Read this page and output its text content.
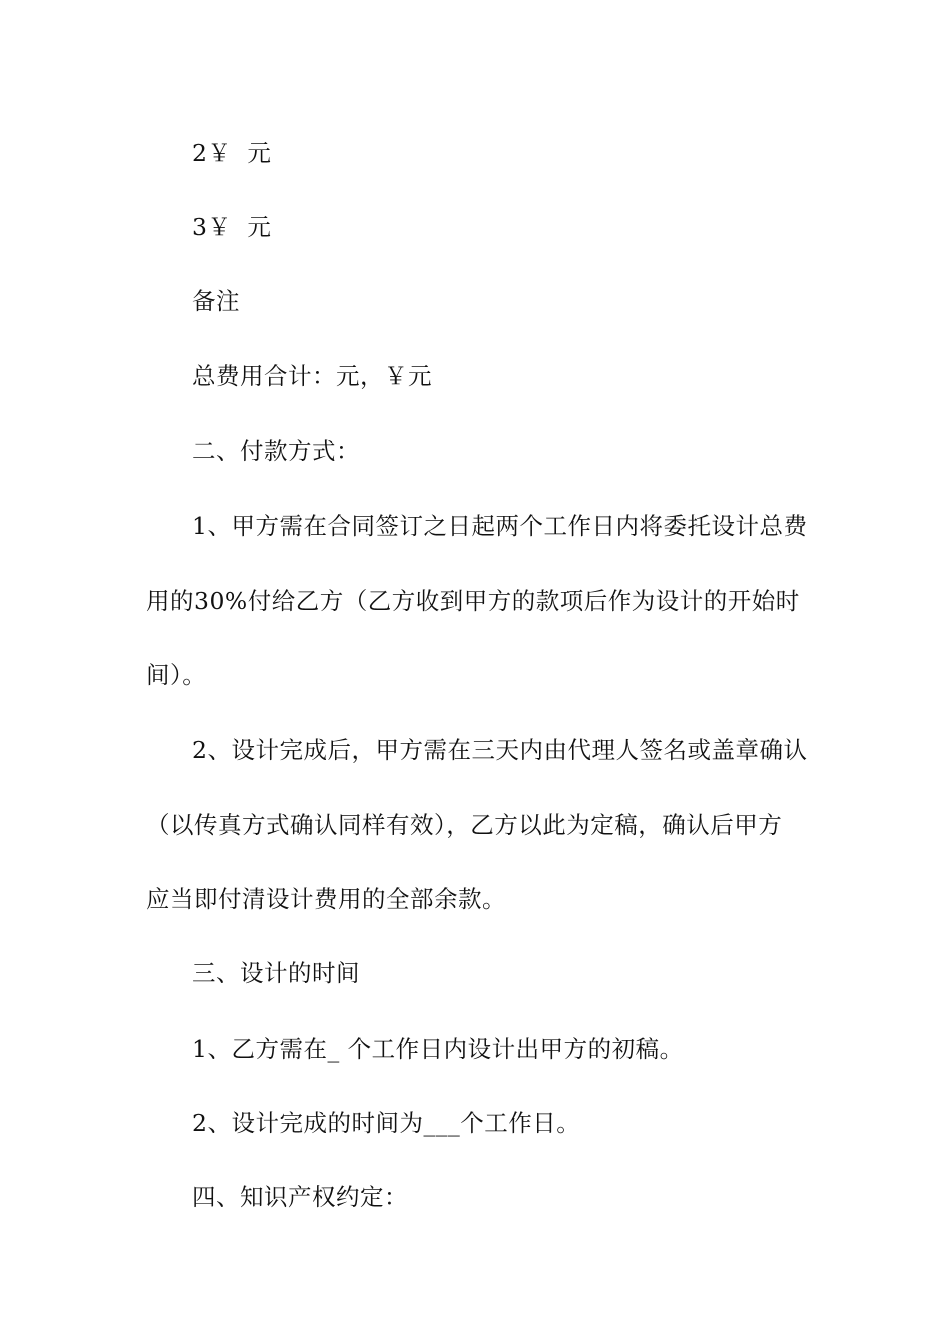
2￥  元
3￥  元
备注
总费用合计：元，￥元
二、付款方式：
1、甲方需在合同签订之日起两个工作日内将委托设计总费
用的30%付给乙方（乙方收到甲方的款项后作为设计的开始时
间）。
2、设计完成后，甲方需在三天内由代理人签名或盖章确认
（以传真方式确认同样有效），乙方以此为定稿，确认后甲方
应当即付清设计费用的全部余款。
三、设计的时间
1、乙方需在_ 个工作日内设计出甲方的初稿。
2、设计完成的时间为___个工作日。
四、知识产权约定：
